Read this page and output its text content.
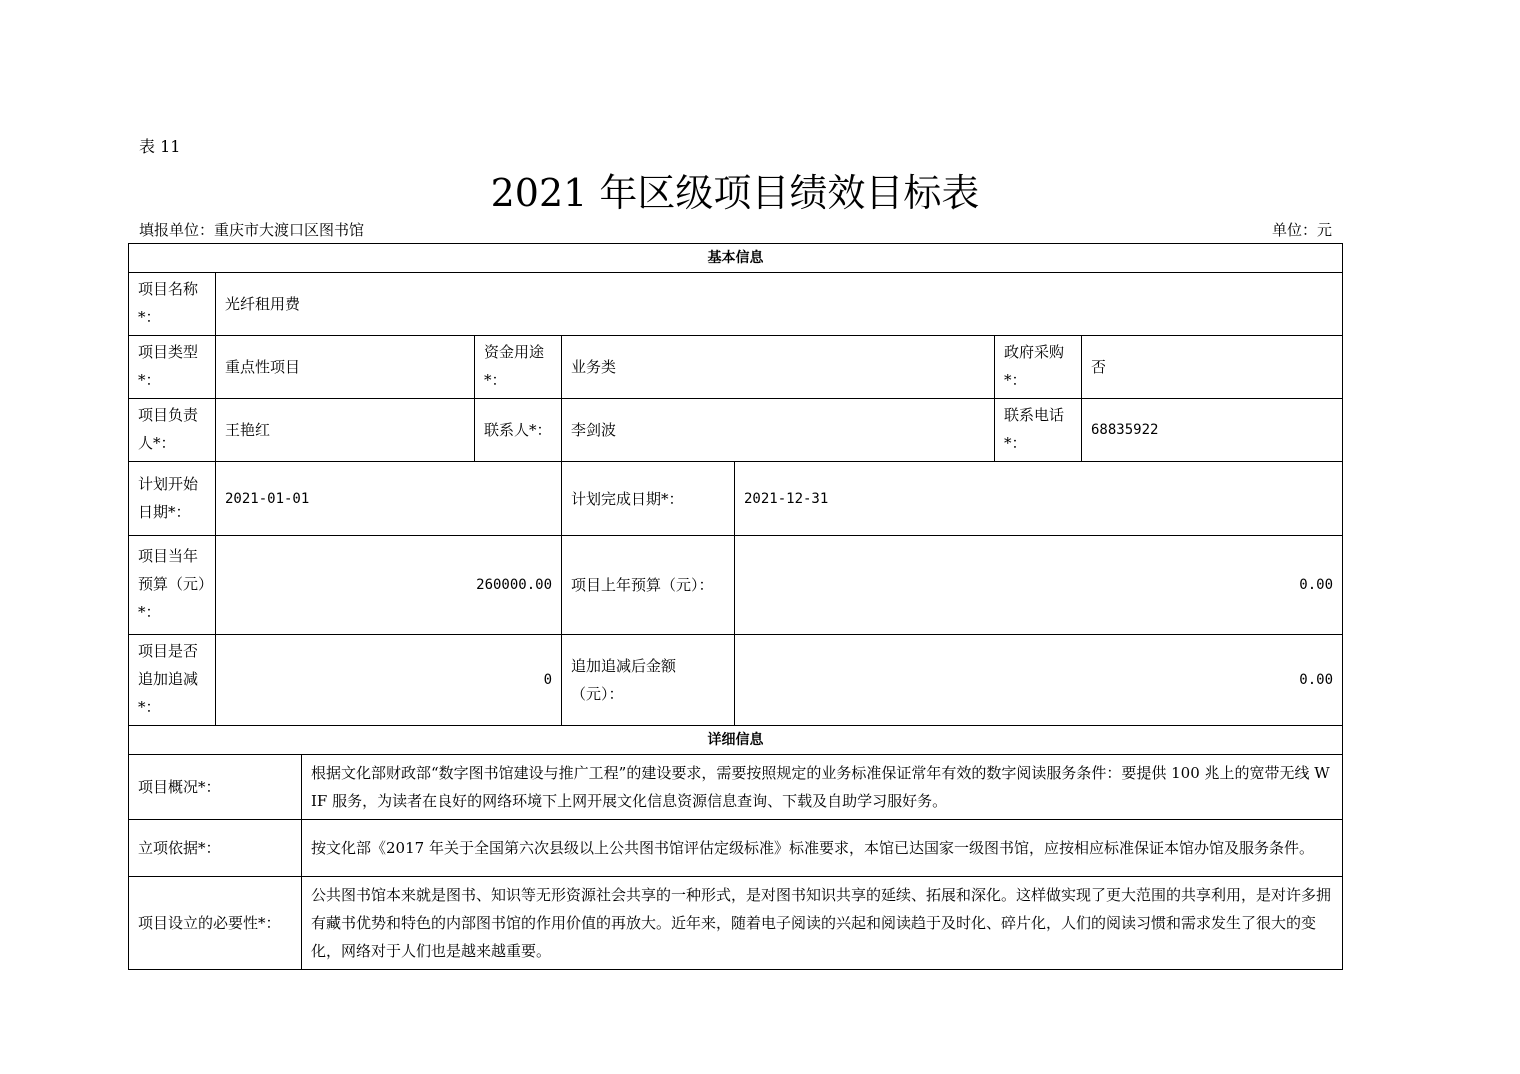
表 11
2021 年区级项目绩效目标表
填报单位：重庆市大渡口区图书馆	单位：元
基本信息							
项目名称*：	光纤租用费						
项目类型*：	重点性项目		资金用途*：	业务类		政府采购*：	否
项目负责人*：	王艳红		联系人*：	李剑波		联系电话*：	68835922
计划开始日期*：	2021-01-01			计划完成日期*：	2021-12-31		
项目当年预算（元）*：	260000.00			项目上年预算（元）：	0.00		
项目是否追加追减*：	0			追加追减后金额（元）：	0.00		
详细信息							
项目概况*：		根据文化部财政部“数字图书馆建设与推广工程”的建设要求，需要按照规定的业务标准保证常年有效的数字阅读服务条件：要提供 100 兆上的宽带无线 WIF 服务，为读者在良好的网络环境下上网开展文化信息资源信息查询、下载及自助学习服好务。					
立项依据*：		按文化部《2017 年关于全国第六次县级以上公共图书馆评估定级标准》标准要求，本馆已达国家一级图书馆，应按相应标准保证本馆办馆及服务条件。					
项目设立的必要性*：		公共图书馆本来就是图书、知识等无形资源社会共享的一种形式，是对图书知识共享的延续、拓展和深化。这样做实现了更大范围的共享利用，是对许多拥有藏书优势和特色的内部图书馆的作用价值的再放大。近年来，随着电子阅读的兴起和阅读趋于及时化、碎片化，人们的阅读习惯和需求发生了很大的变化，网络对于人们也是越来越重要。					
